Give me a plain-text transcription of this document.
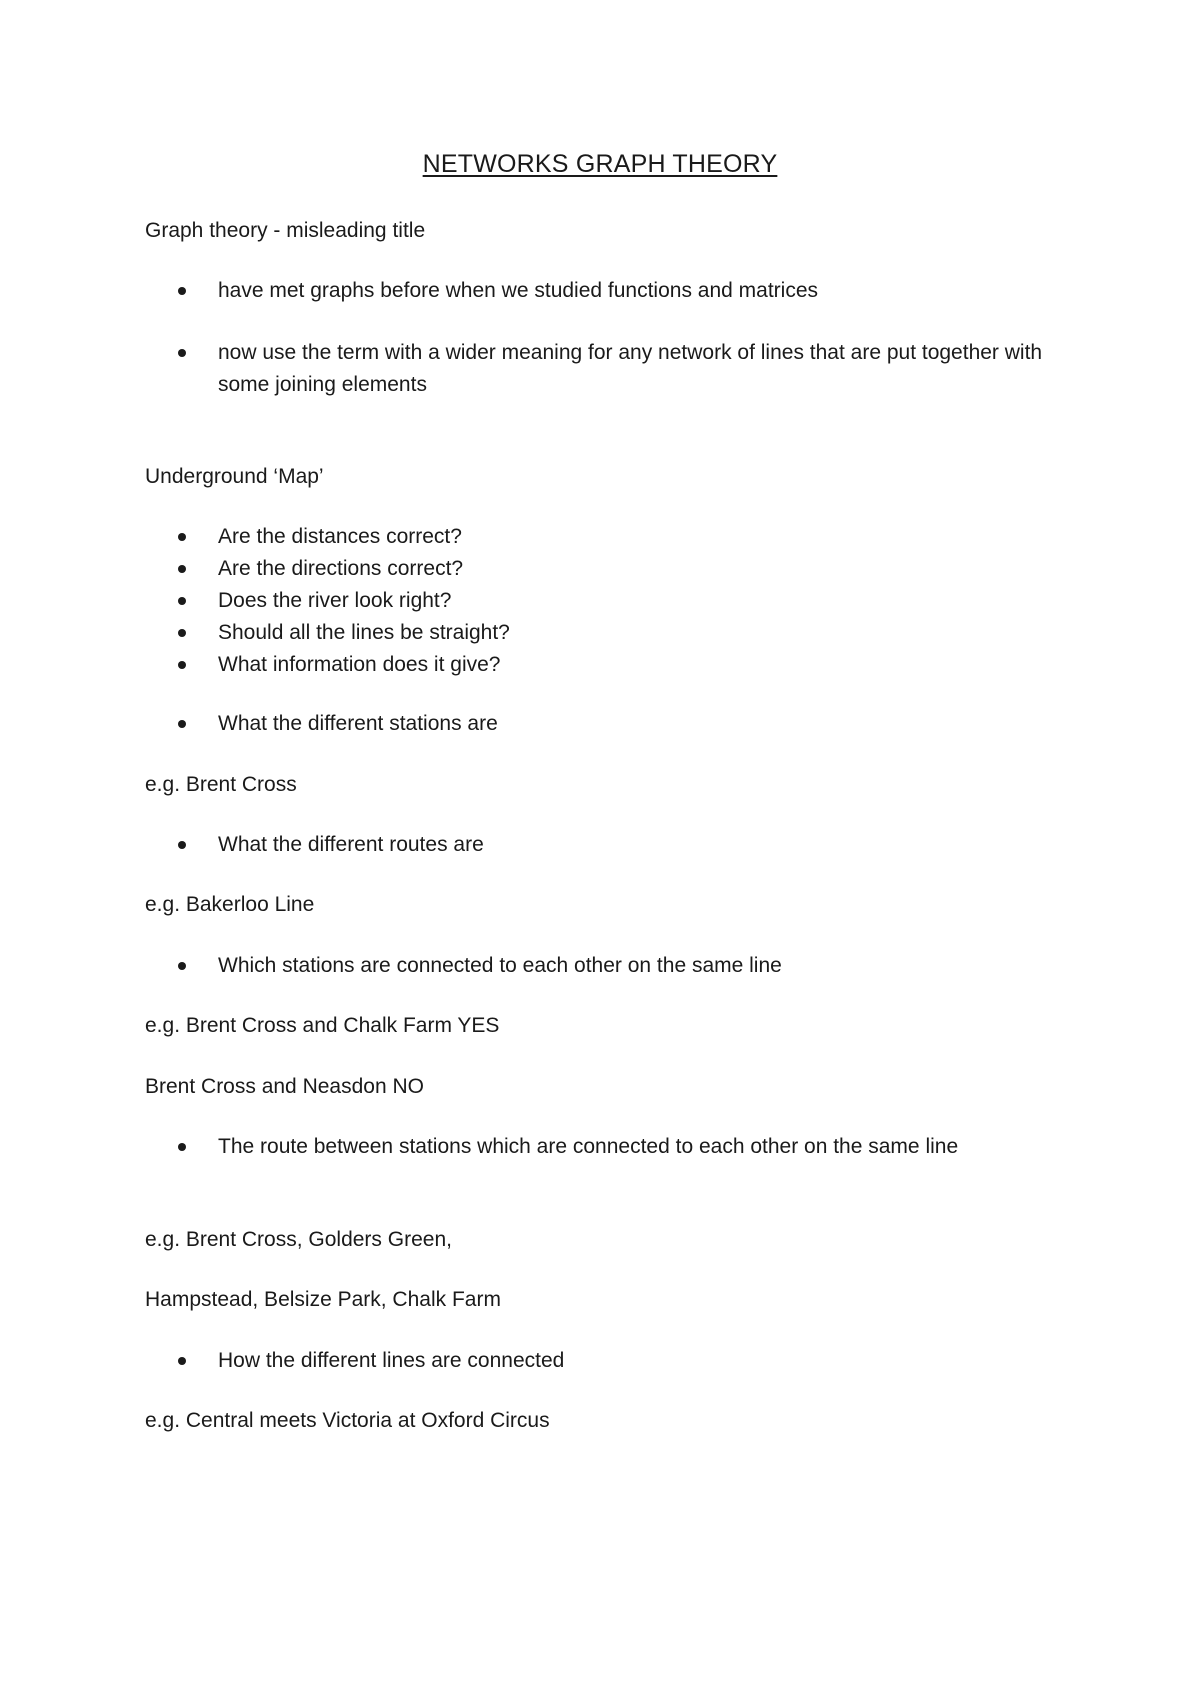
NETWORKS GRAPH THEORY
Graph theory - misleading title
have met graphs before when we studied functions and matrices
now use the term with a wider meaning for any network of lines that are put together with some joining elements
Underground ‘Map’
Are the distances correct?
Are the directions correct?
Does the river look right?
Should all the lines be straight?
What information does it give?
What the different stations are
e.g. Brent Cross
What the different routes are
e.g. Bakerloo Line
Which stations are connected to each other on the same line
e.g. Brent Cross and Chalk Farm YES
Brent Cross and Neasdon NO
The route between stations which are connected to each other on the same line
e.g. Brent Cross, Golders Green,
Hampstead, Belsize Park, Chalk Farm
How the different lines are connected
e.g. Central meets Victoria at Oxford Circus
